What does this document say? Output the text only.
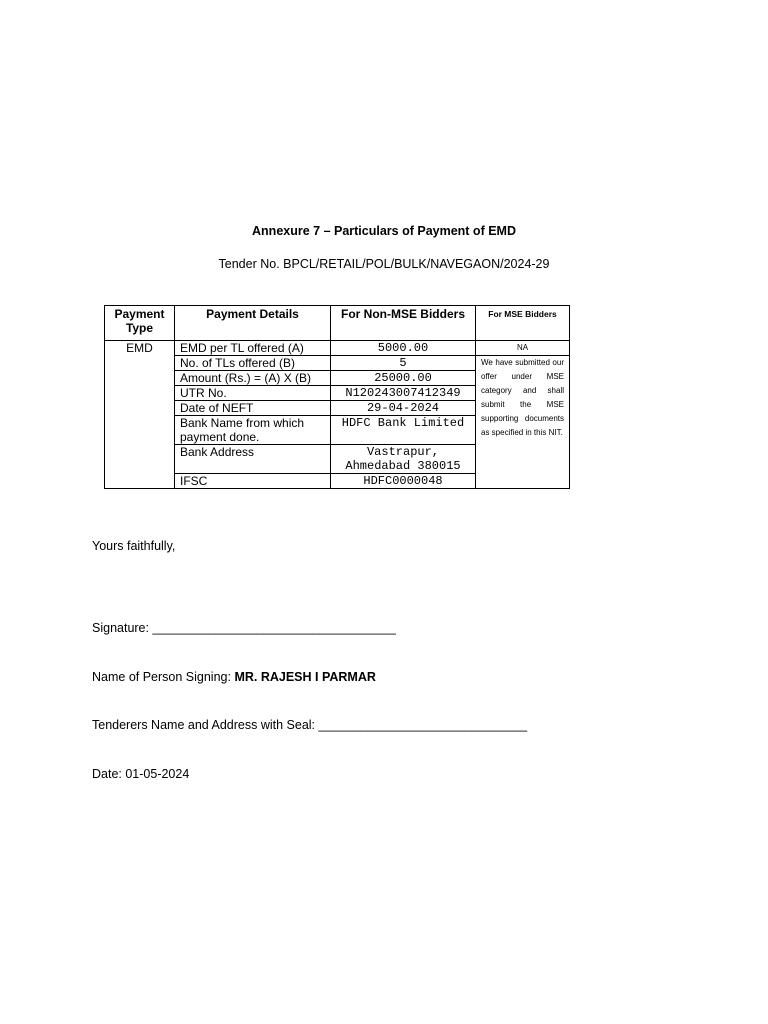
Annexure 7 – Particulars of Payment of EMD
Tender No. BPCL/RETAIL/POL/BULK/NAVEGAON/2024-29
Payment Type	Payment Details	For Non-MSE Bidders	For MSE Bidders
EMD	EMD per TL offered (A)	5000.00	NA
	No. of TLs offered (B)	5	We have submitted our offer under MSE category and shall submit the MSE supporting documents as specified in this NIT.
	Amount (Rs.) = (A) X (B)	25000.00	
	UTR No.	N120243007412349	
	Date of NEFT	29-04-2024	
	Bank Name from which payment done.	HDFC Bank Limited	
	Bank Address	Vastrapur, Ahmedabad 380015	
	IFSC	HDFC0000048	
Yours faithfully,
Signature: ___________________________________
Name of Person Signing: MR. RAJESH I PARMAR
Tenderers Name and Address with Seal: ______________________________
Date: 01-05-2024
